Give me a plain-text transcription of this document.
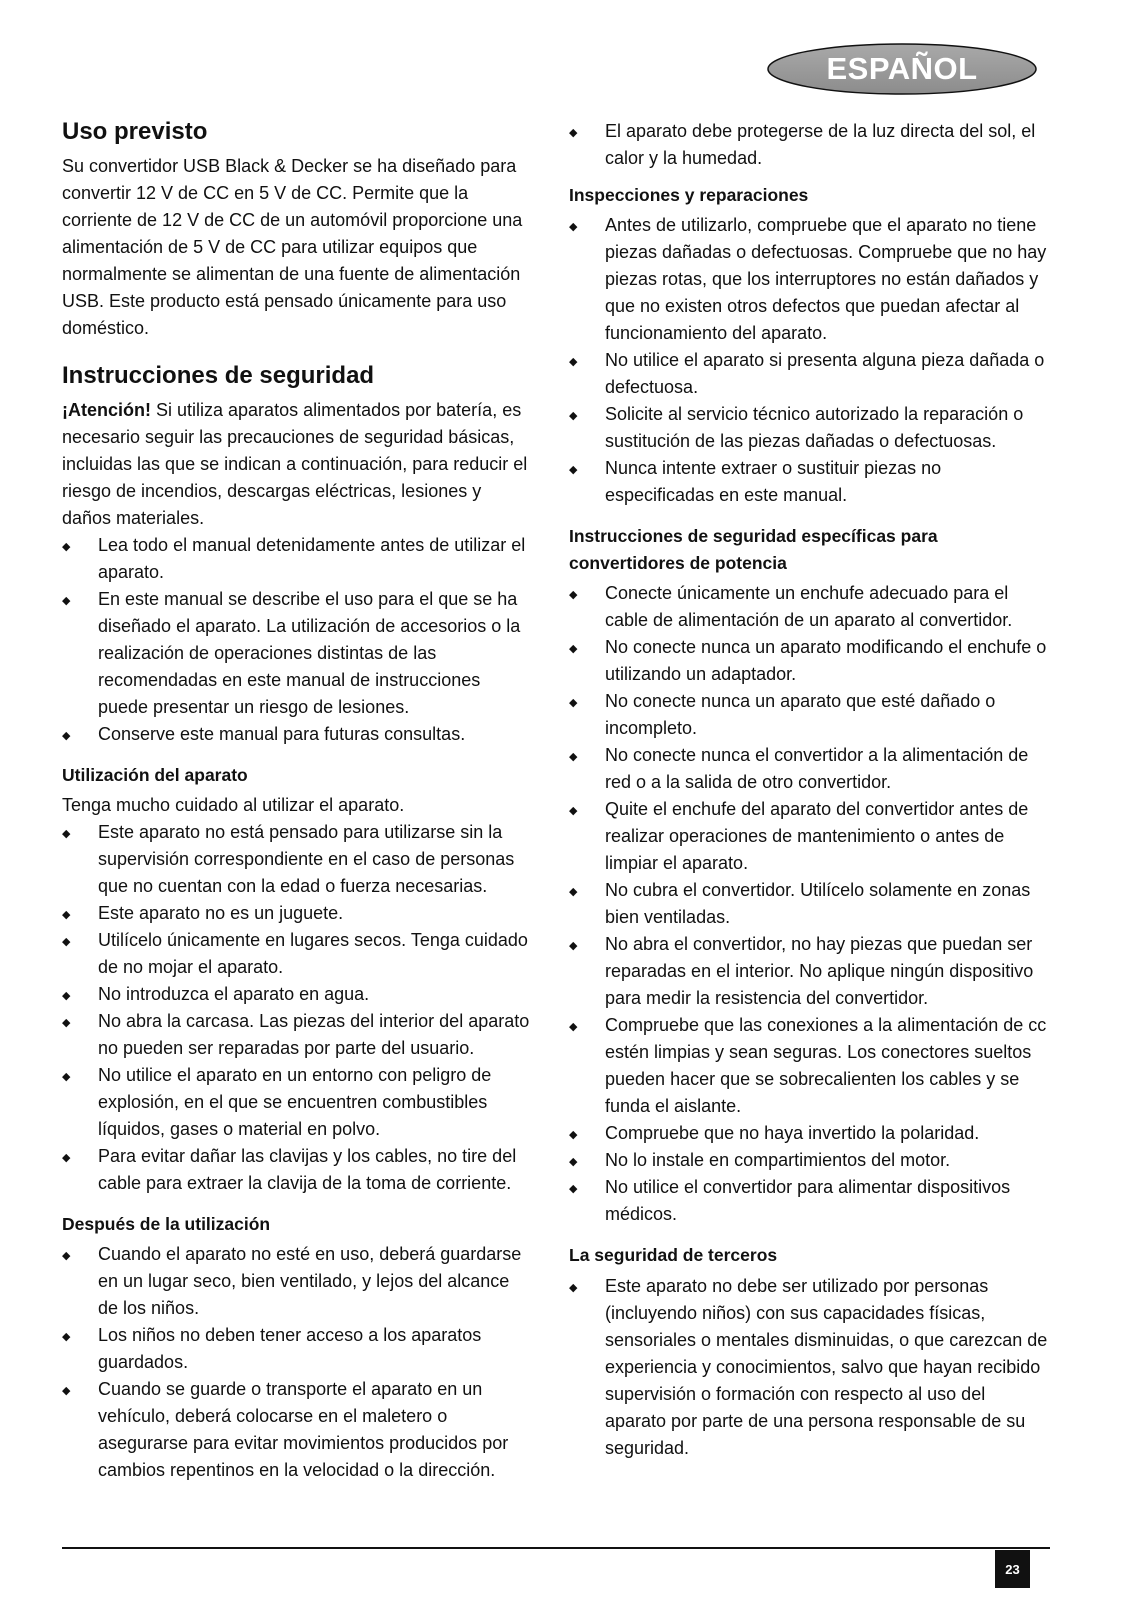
ESPAÑOL
Uso previsto

Su convertidor USB Black & Decker se ha diseñado para convertir 12 V de CC en 5 V de CC. Permite que la corriente de 12 V de CC de un automóvil proporcione una alimentación de 5 V de CC para utilizar equipos que normalmente se alimentan de una fuente de alimentación USB. Este producto está pensado únicamente para uso doméstico.

Instrucciones de seguridad

¡Atención! Si utiliza aparatos alimentados por batería, es necesario seguir las precauciones de seguridad básicas, incluidas las que se indican a continuación, para reducir el riesgo de incendios, descargas eléctricas, lesiones y daños materiales.

◆ Lea todo el manual detenidamente antes de utilizar el aparato.
◆ En este manual se describe el uso para el que se ha diseñado el aparato. La utilización de accesorios o la realización de operaciones distintas de las recomendadas en este manual de instrucciones puede presentar un riesgo de lesiones.
◆ Conserve este manual para futuras consultas.
Utilización del aparato

Tenga mucho cuidado al utilizar el aparato.

◆ Este aparato no está pensado para utilizarse sin la supervisión correspondiente en el caso de personas que no cuentan con la edad o fuerza necesarias.
◆ Este aparato no es un juguete.
◆ Utilícelo únicamente en lugares secos. Tenga cuidado de no mojar el aparato.
◆ No introduzca el aparato en agua.
◆ No abra la carcasa. Las piezas del interior del aparato no pueden ser reparadas por parte del usuario.
◆ No utilice el aparato en un entorno con peligro de explosión, en el que se encuentren combustibles líquidos, gases o material en polvo.
◆ Para evitar dañar las clavijas y los cables, no tire del cable para extraer la clavija de la toma de corriente.
Después de la utilización
◆ Cuando el aparato no esté en uso, deberá guardarse en un lugar seco, bien ventilado, y lejos del alcance de los niños.
◆ Los niños no deben tener acceso a los aparatos guardados.
◆ Cuando se guarde o transporte el aparato en un vehículo, deberá colocarse en el maletero o asegurarse para evitar movimientos producidos por cambios repentinos en la velocidad o la dirección.
◆ El aparato debe protegerse de la luz directa del sol, el calor y la humedad.
Inspecciones y reparaciones
◆ Antes de utilizarlo, compruebe que el aparato no tiene piezas dañadas o defectuosas. Compruebe que no hay piezas rotas, que los interruptores no están dañados y que no existen otros defectos que puedan afectar al funcionamiento del aparato.
◆ No utilice el aparato si presenta alguna pieza dañada o defectuosa.
◆ Solicite al servicio técnico autorizado la reparación o sustitución de las piezas dañadas o defectuosas.
◆ Nunca intente extraer o sustituir piezas no especificadas en este manual.
Instrucciones de seguridad específicas para convertidores de potencia
◆ Conecte únicamente un enchufe adecuado para el cable de alimentación de un aparato al convertidor.
◆ No conecte nunca un aparato modificando el enchufe o utilizando un adaptador.
◆ No conecte nunca un aparato que esté dañado o incompleto.
◆ No conecte nunca el convertidor a la alimentación de red o a la salida de otro convertidor.
◆ Quite el enchufe del aparato del convertidor antes de realizar operaciones de mantenimiento o antes de limpiar el aparato.
◆ No cubra el convertidor. Utilícelo solamente en zonas bien ventiladas.
◆ No abra el convertidor, no hay piezas que puedan ser reparadas en el interior. No aplique ningún dispositivo para medir la resistencia del convertidor.
◆ Compruebe que las conexiones a la alimentación de cc estén limpias y sean seguras. Los conectores sueltos pueden hacer que se sobrecalienten los cables y se funda el aislante.
◆ Compruebe que no haya invertido la polaridad.
◆ No lo instale en compartimientos del motor.
◆ No utilice el convertidor para alimentar dispositivos médicos.
La seguridad de terceros
◆ Este aparato no debe ser utilizado por personas (incluyendo niños) con sus capacidades físicas, sensoriales o mentales disminuidas, o que carezcan de experiencia y conocimientos, salvo que hayan recibido supervisión o formación con respecto al uso del aparato por parte de una persona responsable de su seguridad.
23
